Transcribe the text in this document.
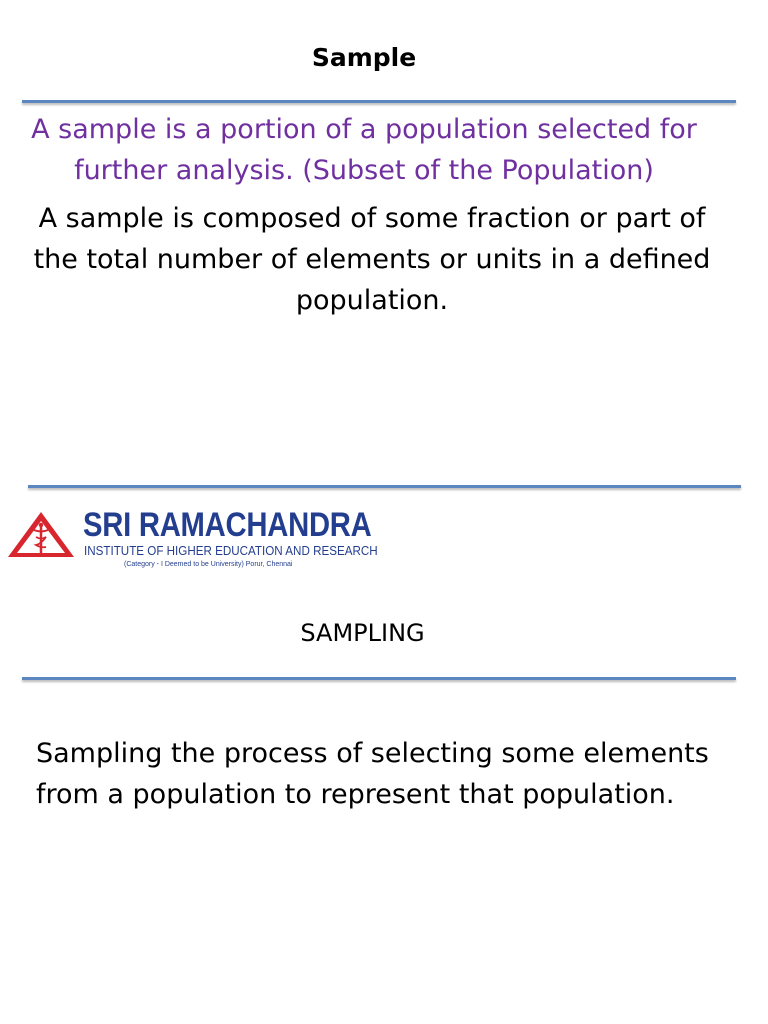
Sample
A sample is a portion of a population selected for further analysis. (Subset of the Population)
A sample is composed of some fraction or part of the total number of elements or units in a defined population.
SRI RAMACHANDRA
INSTITUTE OF HIGHER EDUCATION AND RESEARCH
(Category - I Deemed to be University) Porur, Chennai
SAMPLING
Sampling the process of selecting some elements from a population to represent that population.
